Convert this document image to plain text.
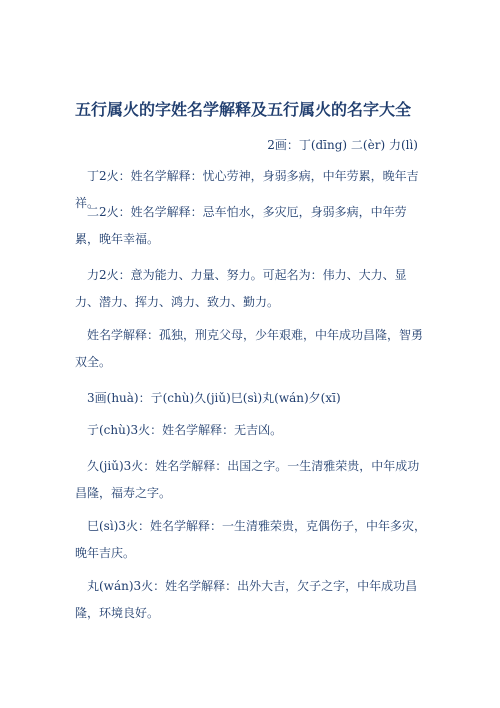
五行属火的字姓名学解释及五行属火的名字大全
2画：丁(dīng) 二(èr) 力(lì)
丁2火：姓名学解释：忧心劳神，身弱多病，中年劳累，晚年吉祥。
二2火：姓名学解释：忌车怕水，多灾厄，身弱多病，中年劳累，晚年幸福。
力2火：意为能力、力量、努力。可起名为：伟力、大力、显力、潜力、挥力、鸿力、致力、勤力。
姓名学解释：孤独，刑克父母，少年艰难，中年成功昌隆，智勇双全。
3画(huà)：亍(chù)久(jiǔ)巳(sì)丸(wán)夕(xī)
亍(chù)3火：姓名学解释：无吉凶。
久(jiǔ)3火：姓名学解释：出国之字。一生清雅荣贵，中年成功昌隆，福寿之字。
巳(sì)3火：姓名学解释：一生清雅荣贵，克偶伤子，中年多灾，晚年吉庆。
丸(wán)3火：姓名学解释：出外大吉，欠子之字，中年成功昌隆，环境良好。
